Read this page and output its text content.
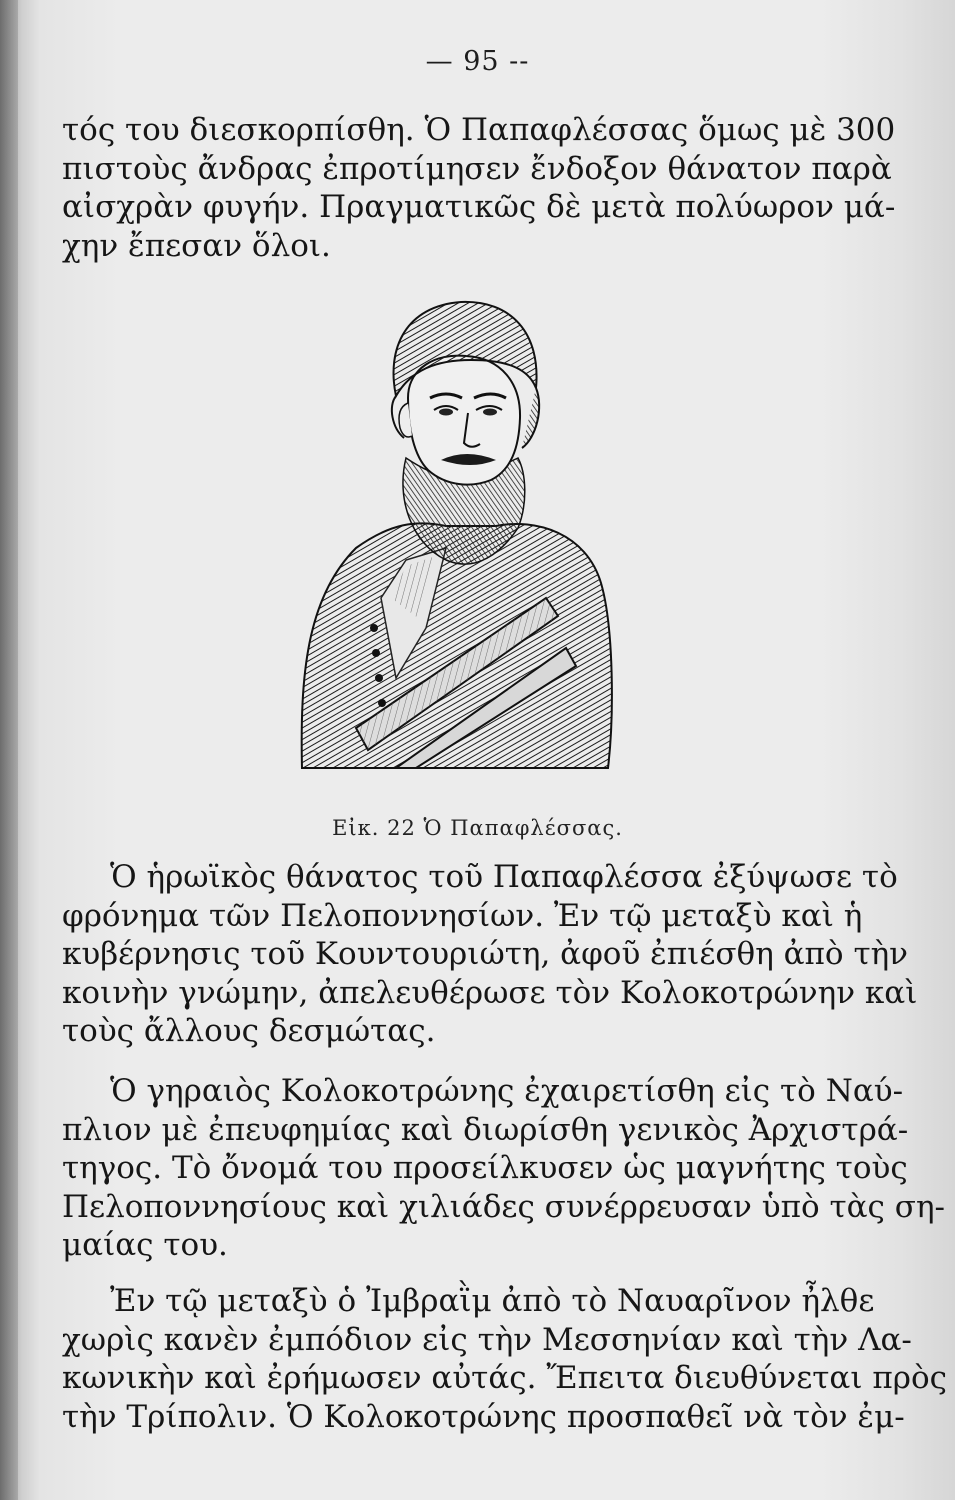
— 95 --
τός του διεσκορπίσθη. Ὁ Παπαφλέσσας ὅμως μὲ 300
πιστοὺς ἄνδρας ἐπροτίμησεν ἔνδοξον θάνατον παρὰ
αἰσχρὰν φυγήν. Πραγματικῶς δὲ μετὰ πολύωρον μά-
χην ἔπεσαν ὅλοι.
Εἰκ. 22 Ὁ Παπαφλέσσας.
Ὁ ἡρωϊκὸς θάνατος τοῦ Παπαφλέσσα ἐξύψωσε τὸ
φρόνημα τῶν Πελοποννησίων. Ἐν τῷ μεταξὺ καὶ ἡ
κυβέρνησις τοῦ Κουντουριώτη, ἀφοῦ ἐπιέσθη ἀπὸ τὴν
κοινὴν γνώμην, ἀπελευθέρωσε τὸν Κολοκοτρώνην καὶ
τοὺς ἄλλους δεσμώτας.
Ὁ γηραιὸς Κολοκοτρώνης ἐχαιρετίσθη εἰς τὸ Ναύ-
πλιον μὲ ἐπευφημίας καὶ διωρίσθη γενικὸς Ἀρχιστρά-
τηγος. Τὸ ὄνομά του προσείλκυσεν ὡς μαγνήτης τοὺς
Πελοποννησίους καὶ χιλιάδες συνέρρευσαν ὑπὸ τὰς ση-
μαίας του.
Ἐν τῷ μεταξὺ ὁ Ἰμβραῒμ ἀπὸ τὸ Ναυαρῖνον ἦλθε
χωρὶς κανὲν ἐμπόδιον εἰς τὴν Μεσσηνίαν καὶ τὴν Λα-
κωνικὴν καὶ ἐρήμωσεν αὐτάς. Ἔπειτα διευθύνεται πρὸς
τὴν Τρίπολιν. Ὁ Κολοκοτρώνης προσπαθεῖ νὰ τὸν ἐμ-
